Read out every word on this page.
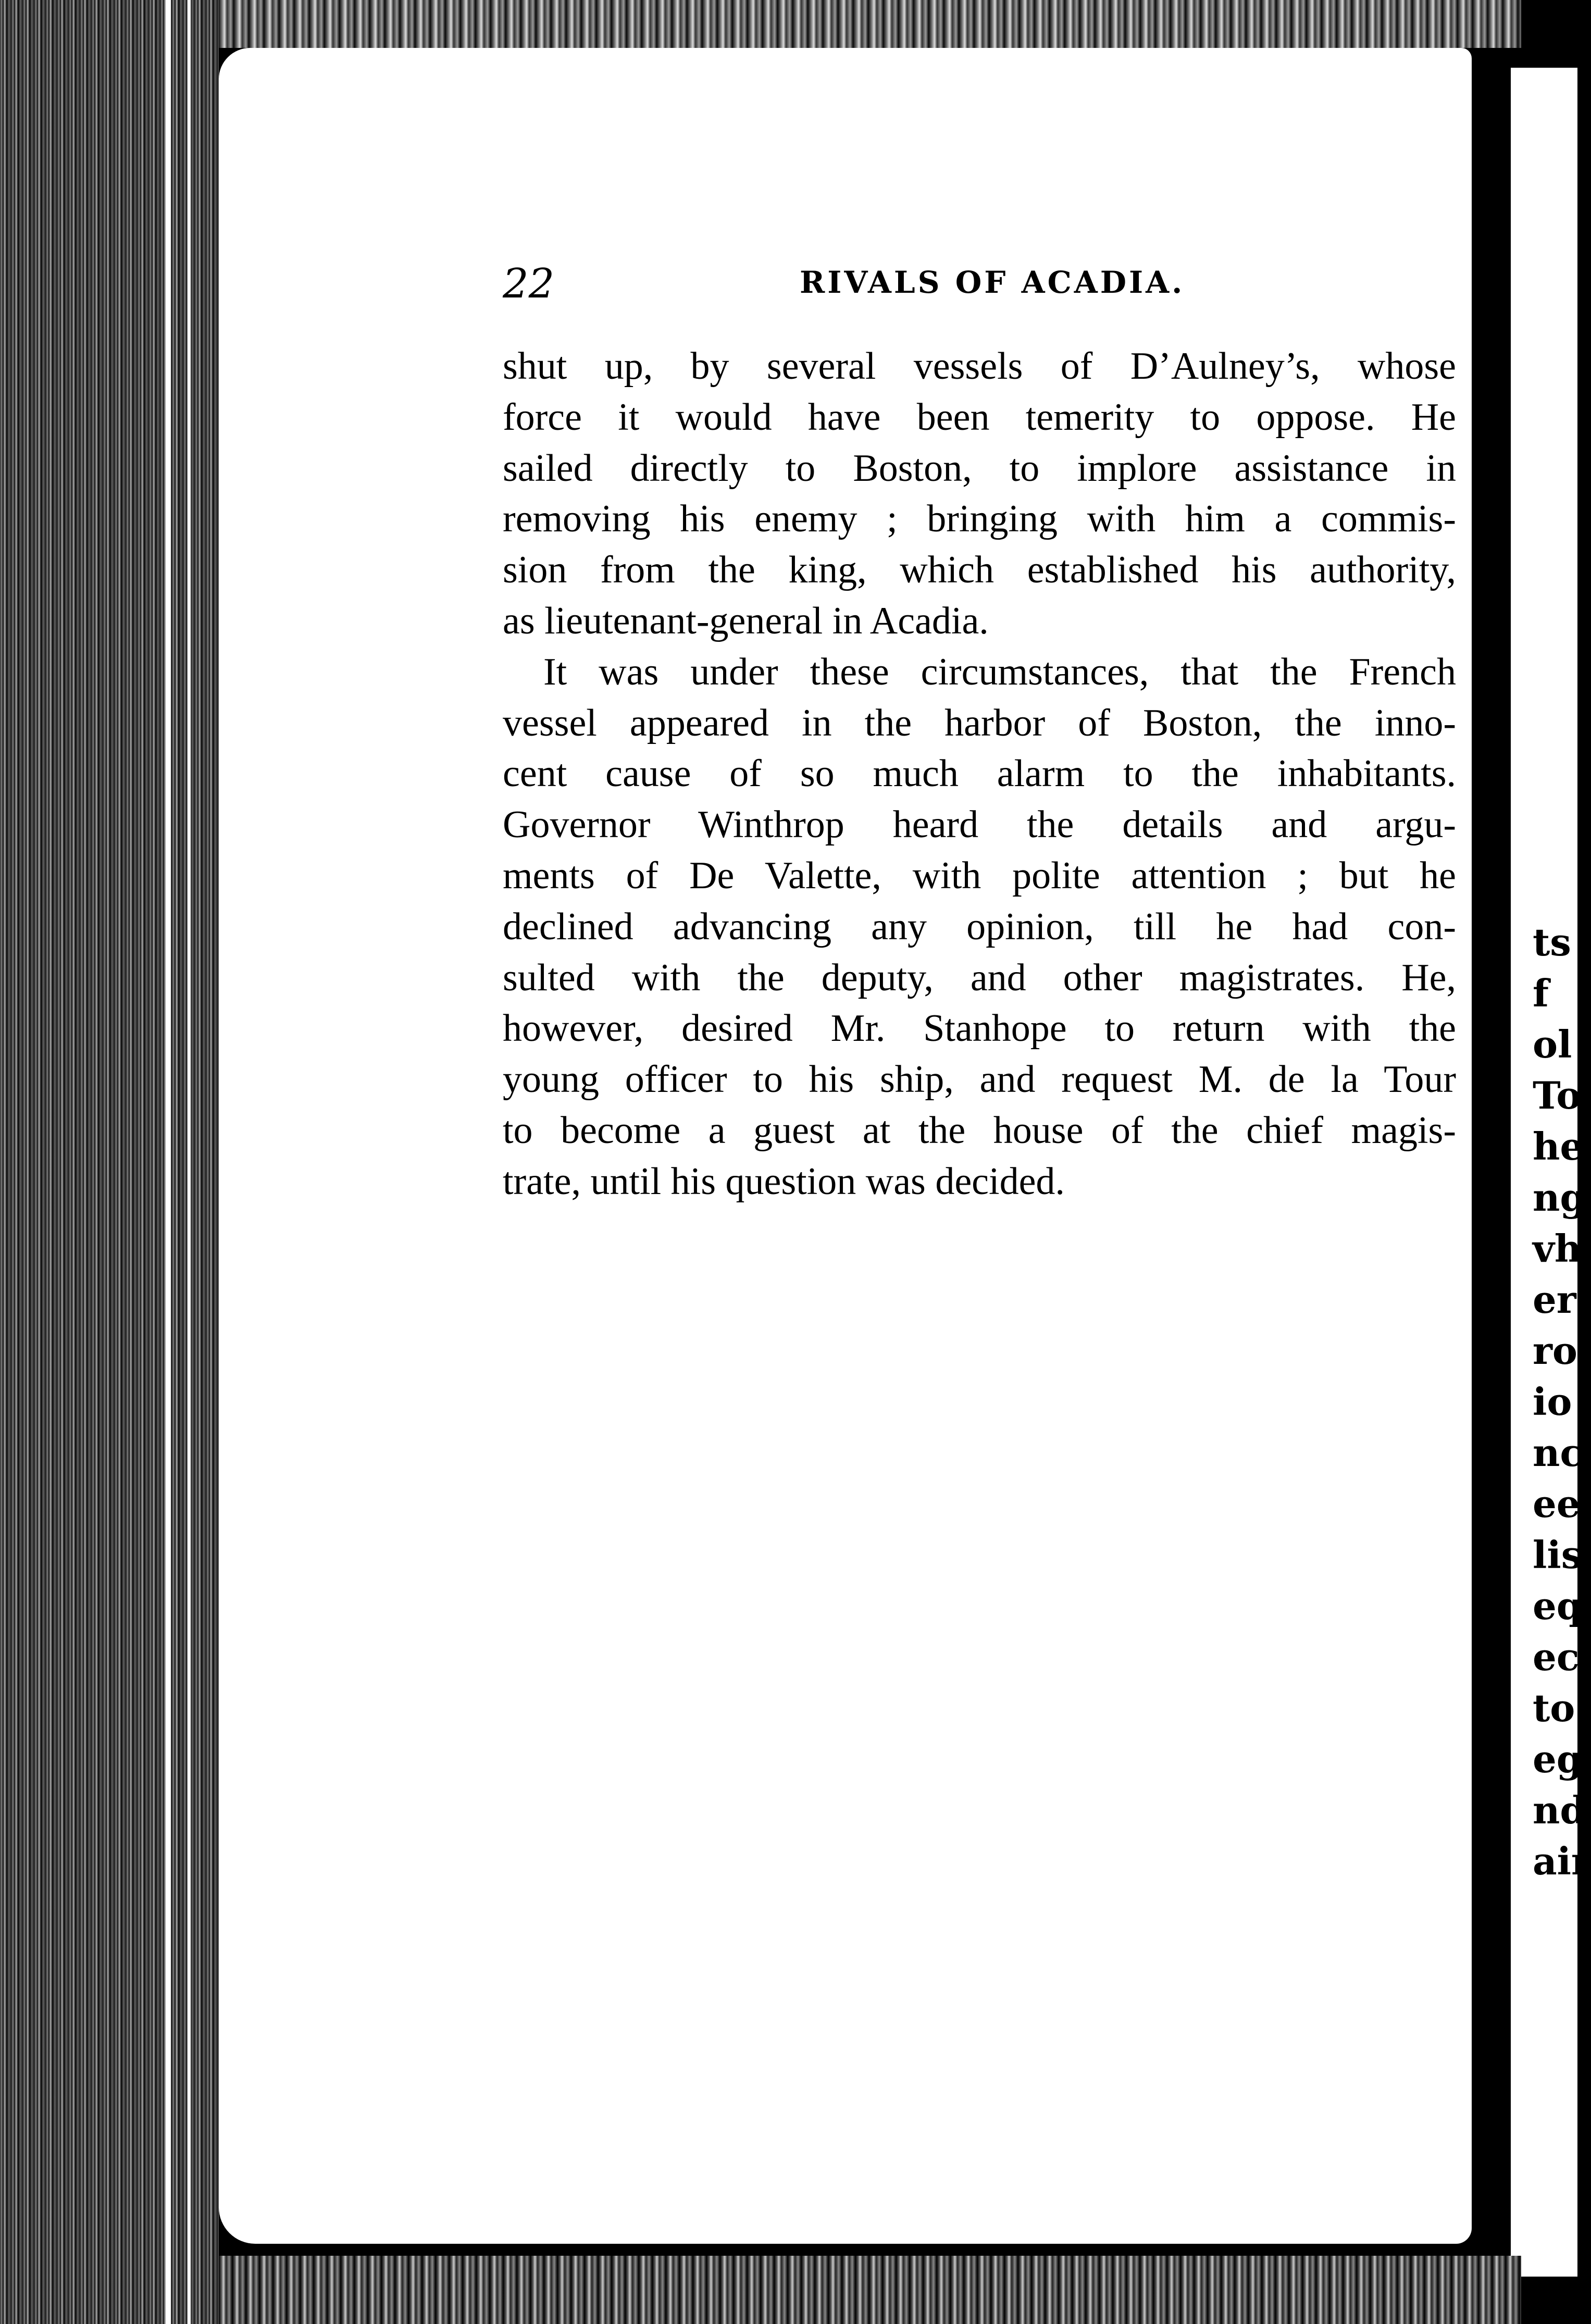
ts
f
ol
To
he
ng
vh
er
ro
io
nc
ee
lis
eq
ec
to
eg
nd
air
22	RIVALS OF ACADIA.
shut up, by several vessels of D’Aulney’s, whose
force it would have been temerity to oppose. He
sailed directly to Boston, to implore assistance in
removing his enemy ; bringing with him a commis-
sion from the king, which established his authority,
as lieutenant-general in Acadia.
It was under these circumstances, that the French
vessel appeared in the harbor of Boston, the inno-
cent cause of so much alarm to the inhabitants.
Governor Winthrop heard the details and argu-
ments of De Valette, with polite attention ; but he
declined advancing any opinion, till he had con-
sulted with the deputy, and other magistrates. He,
however, desired Mr. Stanhope to return with the
young officer to his ship, and request M. de la Tour
to become a guest at the house of the chief magis-
trate, until his question was decided.
